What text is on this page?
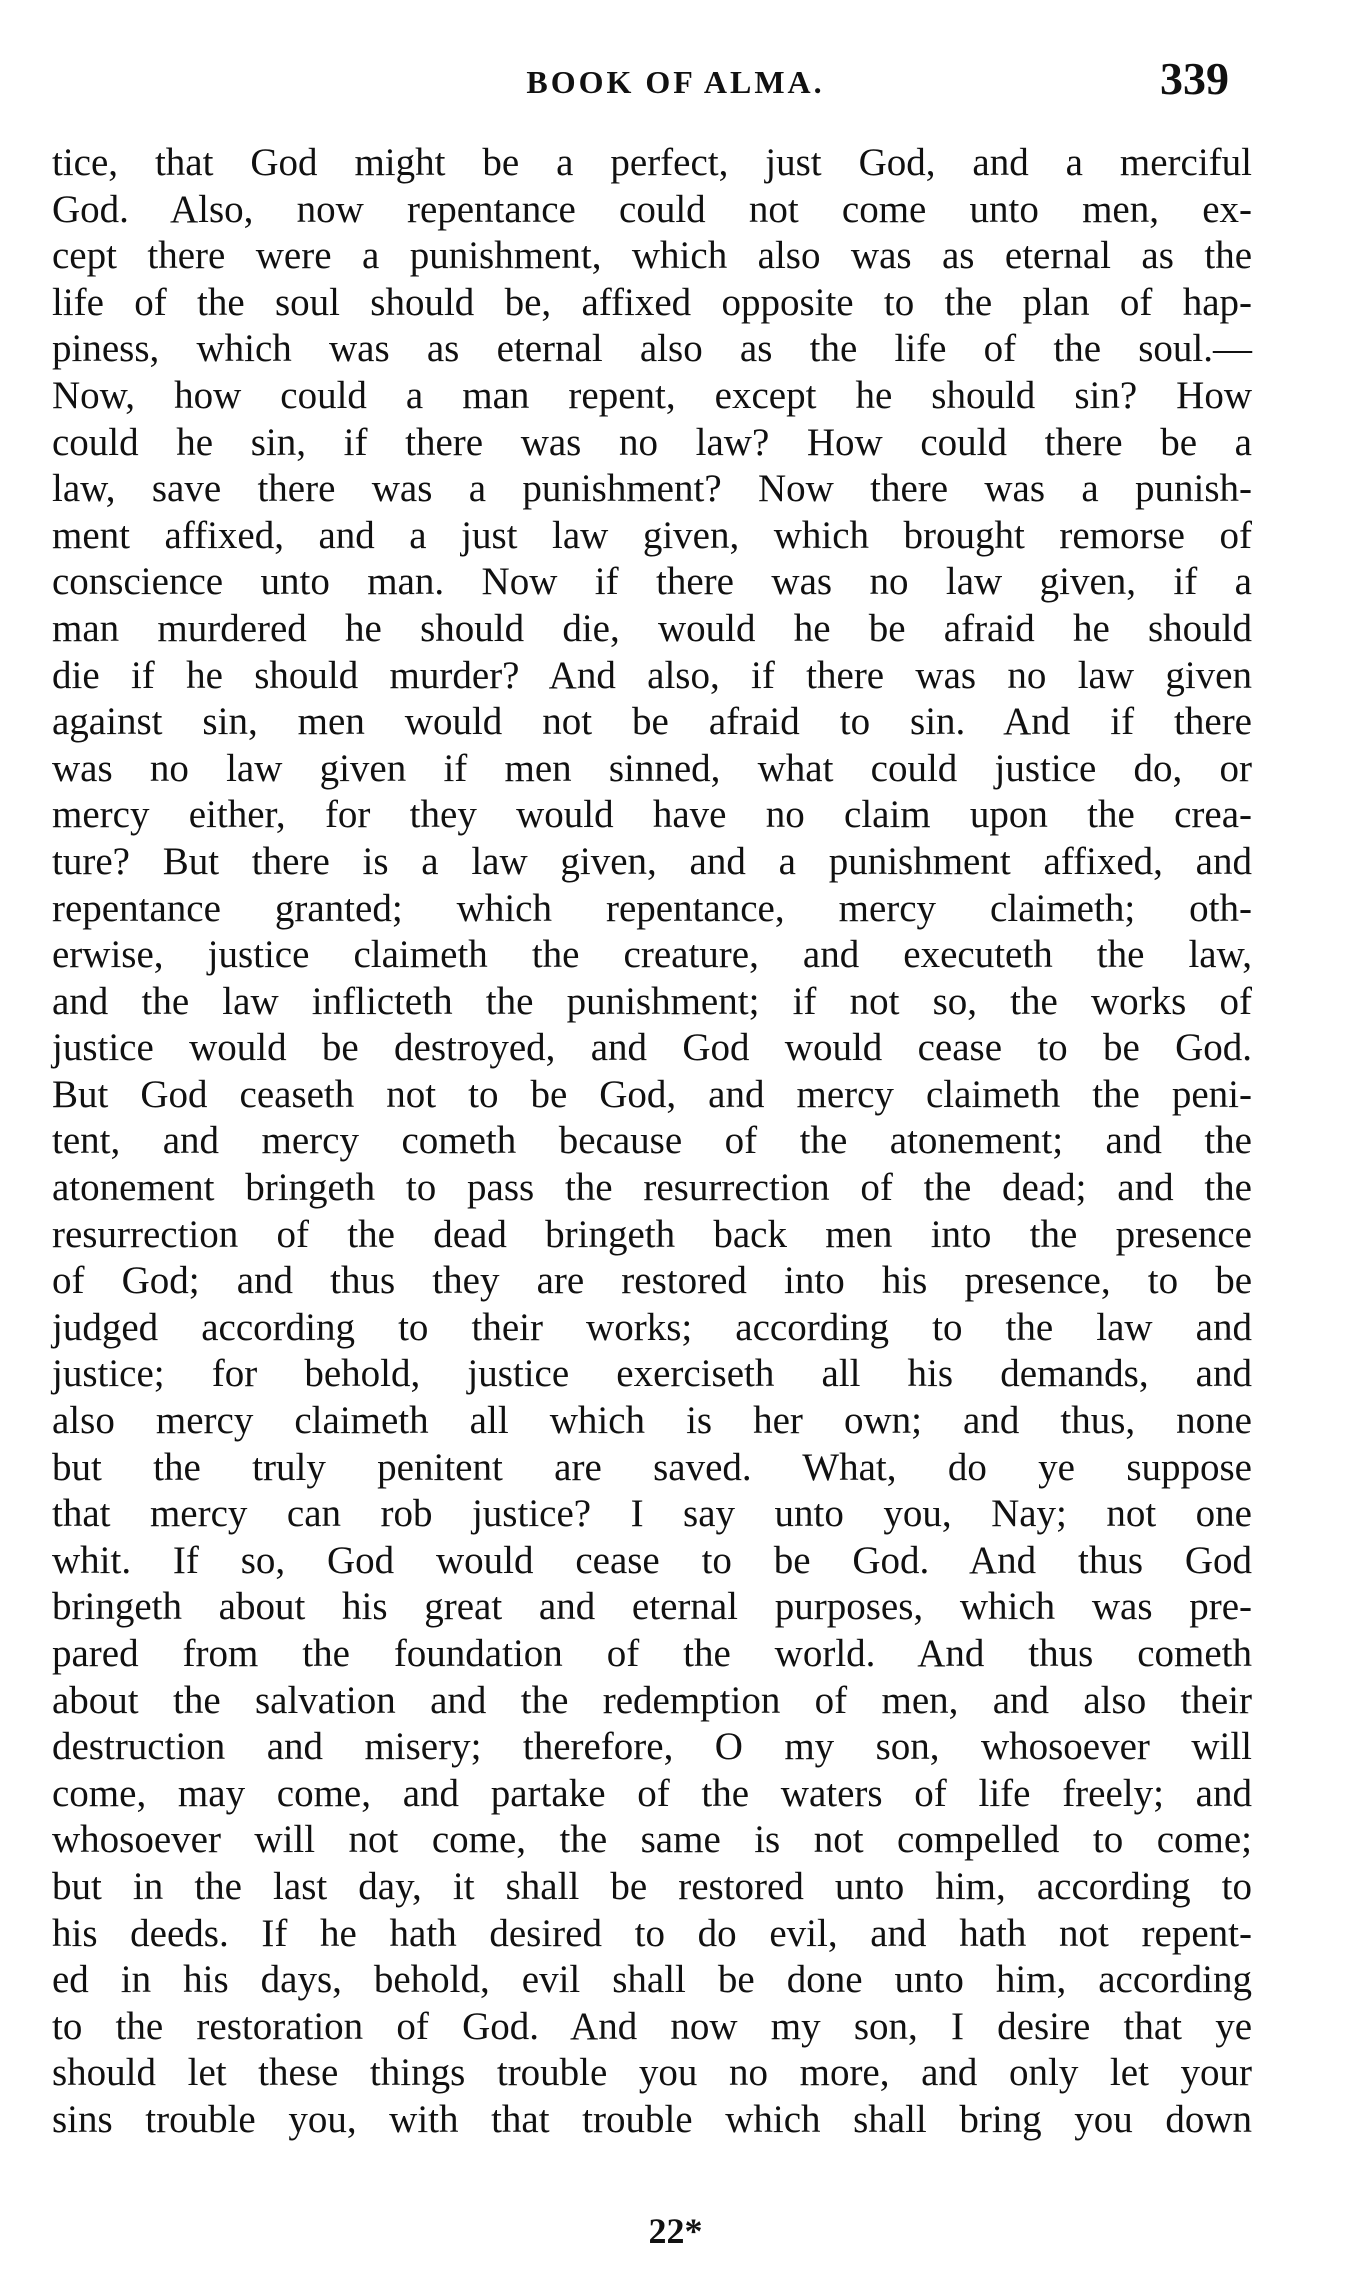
BOOK OF ALMA.	339
tice, that God might be a perfect, just God, and a merciful
God. Also, now repentance could not come unto men, ex-
cept there were a punishment, which also was as eternal as the
life of the soul should be, affixed opposite to the plan of hap-
piness, which was as eternal also as the life of the soul.—
Now, how could a man repent, except he should sin? How
could he sin, if there was no law? How could there be a
law, save there was a punishment? Now there was a punish-
ment affixed, and a just law given, which brought remorse of
conscience unto man. Now if there was no law given, if a
man murdered he should die, would he be afraid he should
die if he should murder? And also, if there was no law given
against sin, men would not be afraid to sin. And if there
was no law given if men sinned, what could justice do, or
mercy either, for they would have no claim upon the crea-
ture? But there is a law given, and a punishment affixed, and
repentance granted; which repentance, mercy claimeth; oth-
erwise, justice claimeth the creature, and executeth the law,
and the law inflicteth the punishment; if not so, the works of
justice would be destroyed, and God would cease to be God.
But God ceaseth not to be God, and mercy claimeth the peni-
tent, and mercy cometh because of the atonement; and the
atonement bringeth to pass the resurrection of the dead; and the
resurrection of the dead bringeth back men into the presence
of God; and thus they are restored into his presence, to be
judged according to their works; according to the law and
justice; for behold, justice exerciseth all his demands, and
also mercy claimeth all which is her own; and thus, none
but the truly penitent are saved. What, do ye suppose
that mercy can rob justice? I say unto you, Nay; not one
whit. If so, God would cease to be God. And thus God
bringeth about his great and eternal purposes, which was pre-
pared from the foundation of the world. And thus cometh
about the salvation and the redemption of men, and also their
destruction and misery; therefore, O my son, whosoever will
come, may come, and partake of the waters of life freely; and
whosoever will not come, the same is not compelled to come;
but in the last day, it shall be restored unto him, according to
his deeds. If he hath desired to do evil, and hath not repent-
ed in his days, behold, evil shall be done unto him, according
to the restoration of God. And now my son, I desire that ye
should let these things trouble you no more, and only let your
sins trouble you, with that trouble which shall bring you down
22*
